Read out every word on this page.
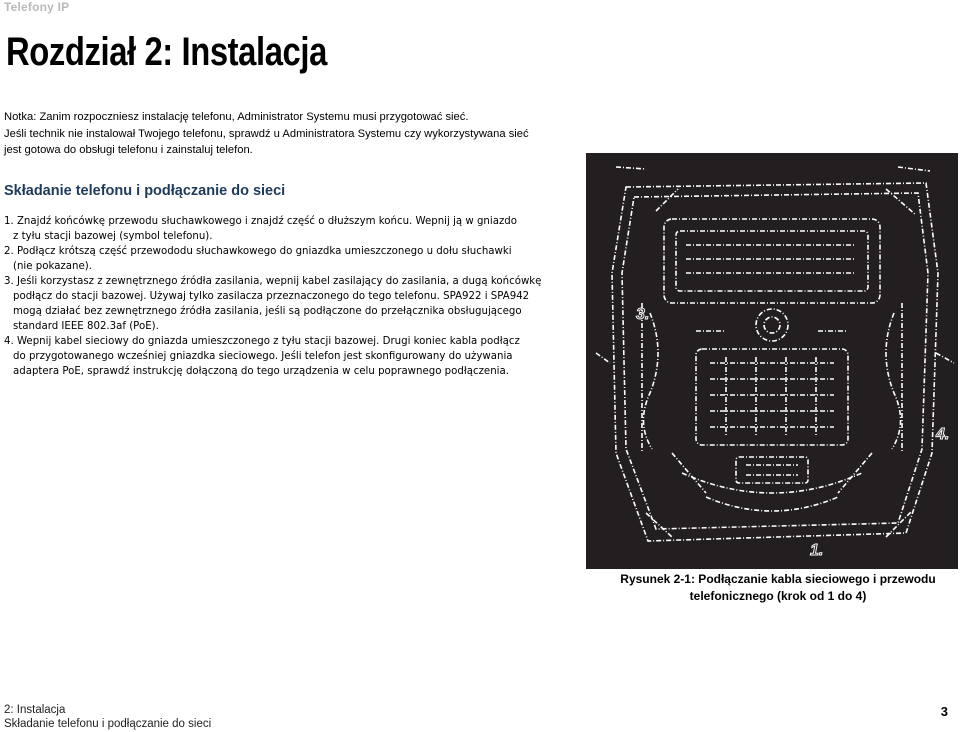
Telefony IP
Rozdział 2: Instalacja

Notka: Zanim rozpoczniesz instalację telefonu, Administrator Systemu musi przygotować sieć.

Jeśli technik nie instalował Twojego telefonu, sprawdź u Administratora Systemu czy wykorzystywana sieć

jest gotowa do obsługi telefonu i zainstaluj telefon.

Składanie telefonu i podłączanie do sieci

1. Znajdź końcówkę przewodu słuchawkowego i znajdź część o dłuższym końcu. Wepnij ją w gniazdo
z tyłu stacji bazowej (symbol telefonu).

2. Podłącz krótszą część przewododu słuchawkowego do gniazdka umieszczonego u dołu słuchawki
(nie pokazane).

3. Jeśli korzystasz z zewnętrznego źródła zasilania, wepnij kabel zasilający do zasilania, a dugą końcówkę
podłącz do stacji bazowej. Używaj tylko zasilacza przeznaczonego do tego telefonu. SPA922 i SPA942
mogą działać bez zewnętrznego źródła zasilania, jeśli są podłączone do przełącznika obsługującego
standard IEEE 802.3af (PoE).

4. Wepnij kabel sieciowy do gniazda umieszczonego z tyłu stacji bazowej. Drugi koniec kabla podłącz
do przygotowanego wcześniej gniazdka sieciowego. Jeśli telefon jest skonfigurowany do używania
adaptera PoE, sprawdź instrukcję dołączoną do tego urządzenia w celu poprawnego podłączenia.

3.
4.
1.
Rysunek 2-1: Podłączanie kabla sieciowego i przewodu
telefonicznego (krok od 1 do 4)
2: Instalacja
Składanie telefonu i podłączanie do sieci
3
